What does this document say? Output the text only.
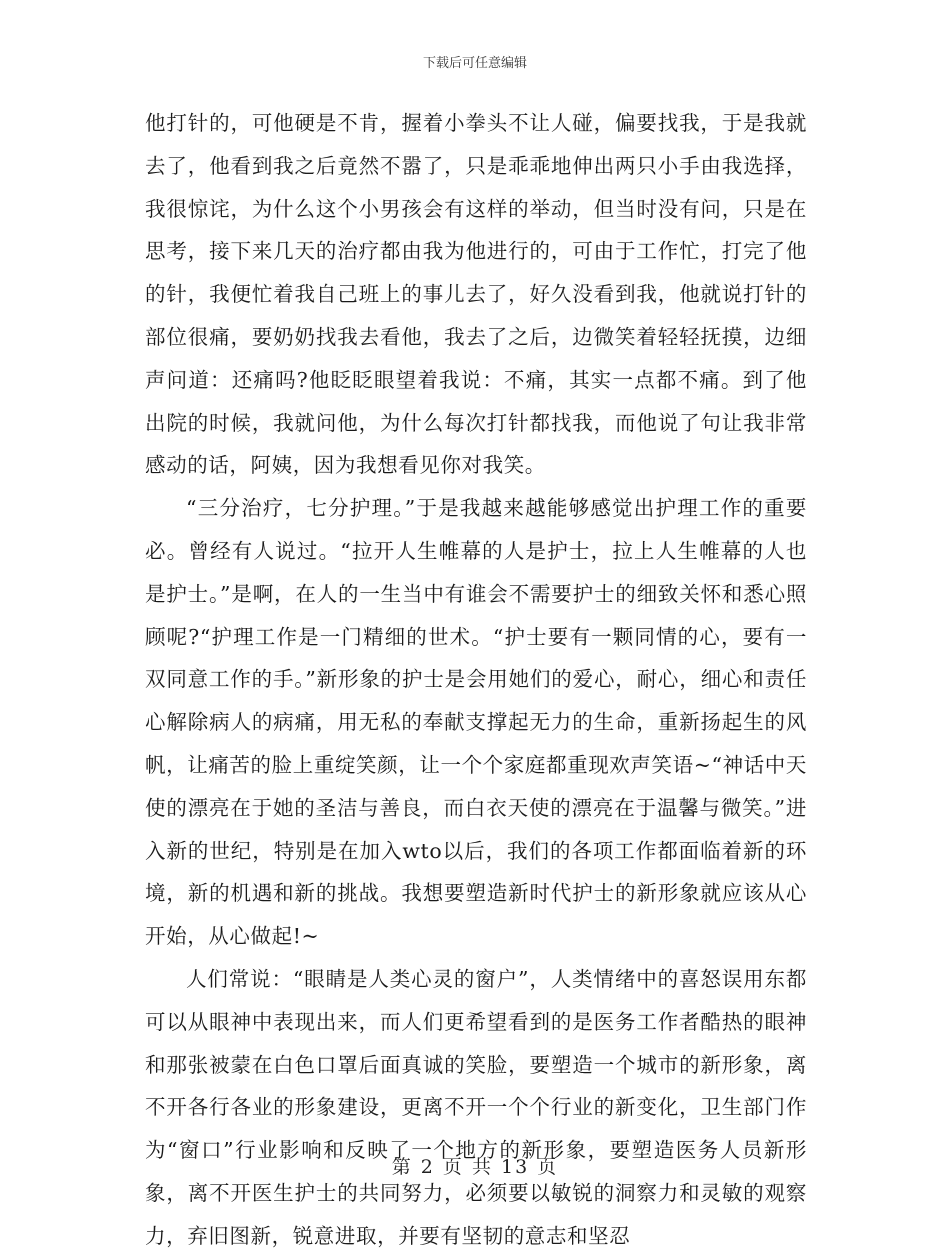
下载后可任意编辑

他打针的，可他硬是不肯，握着小拳头不让人碰，偏要找我，于是我就去了，他看到我之后竟然不嚣了，只是乖乖地伸出两只小手由我选择，我很惊诧，为什么这个小男孩会有这样的举动，但当时没有问，只是在思考，接下来几天的治疗都由我为他进行的，可由于工作忙，打完了他的针，我便忙着我自己班上的事儿去了，好久没看到我，他就说打针的部位很痛，要奶奶找我去看他，我去了之后，边微笑着轻轻抚摸，边细声问道：还痛吗?他眨眨眼望着我说：不痛，其实一点都不痛。到了他出院的时候，我就问他，为什么每次打针都找我，而他说了句让我非常感动的话，阿姨，因为我想看见你对我笑。

“三分治疗，七分护理。”于是我越来越能够感觉出护理工作的重要必。曾经有人说过。“拉开人生帷幕的人是护士，拉上人生帷幕的人也是护士。”是啊，在人的一生当中有谁会不需要护士的细致关怀和悉心照顾呢?“护理工作是一门精细的世术。“护士要有一颗同情的心，要有一双同意工作的手。”新形象的护士是会用她们的爱心，耐心，细心和责任心解除病人的病痛，用无私的奉献支撑起无力的生命，重新扬起生的风帆，让痛苦的脸上重绽笑颜，让一个个家庭都重现欢声笑语~“神话中天使的漂亮在于她的圣洁与善良，而白衣天使的漂亮在于温馨与微笑。”进入新的世纪，特别是在加入wto以后，我们的各项工作都面临着新的环境，新的机遇和新的挑战。我想要塑造新时代护士的新形象就应该从心开始，从心做起!~

人们常说：“眼睛是人类心灵的窗户”，人类情绪中的喜怒误用东都可以从眼神中表现出来，而人们更希望看到的是医务工作者酷热的眼神和那张被蒙在白色口罩后面真诚的笑脸，要塑造一个城市的新形象，离不开各行各业的形象建设，更离不开一个个行业的新变化，卫生部门作为“窗口”行业影响和反映了一个地方的新形象，要塑造医务人员新形象，离不开医生护士的共同努力，必须要以敏锐的洞察力和灵敏的观察力，弃旧图新，锐意进取，并要有坚韧的意志和坚忍

第 2 页 共 13 页
